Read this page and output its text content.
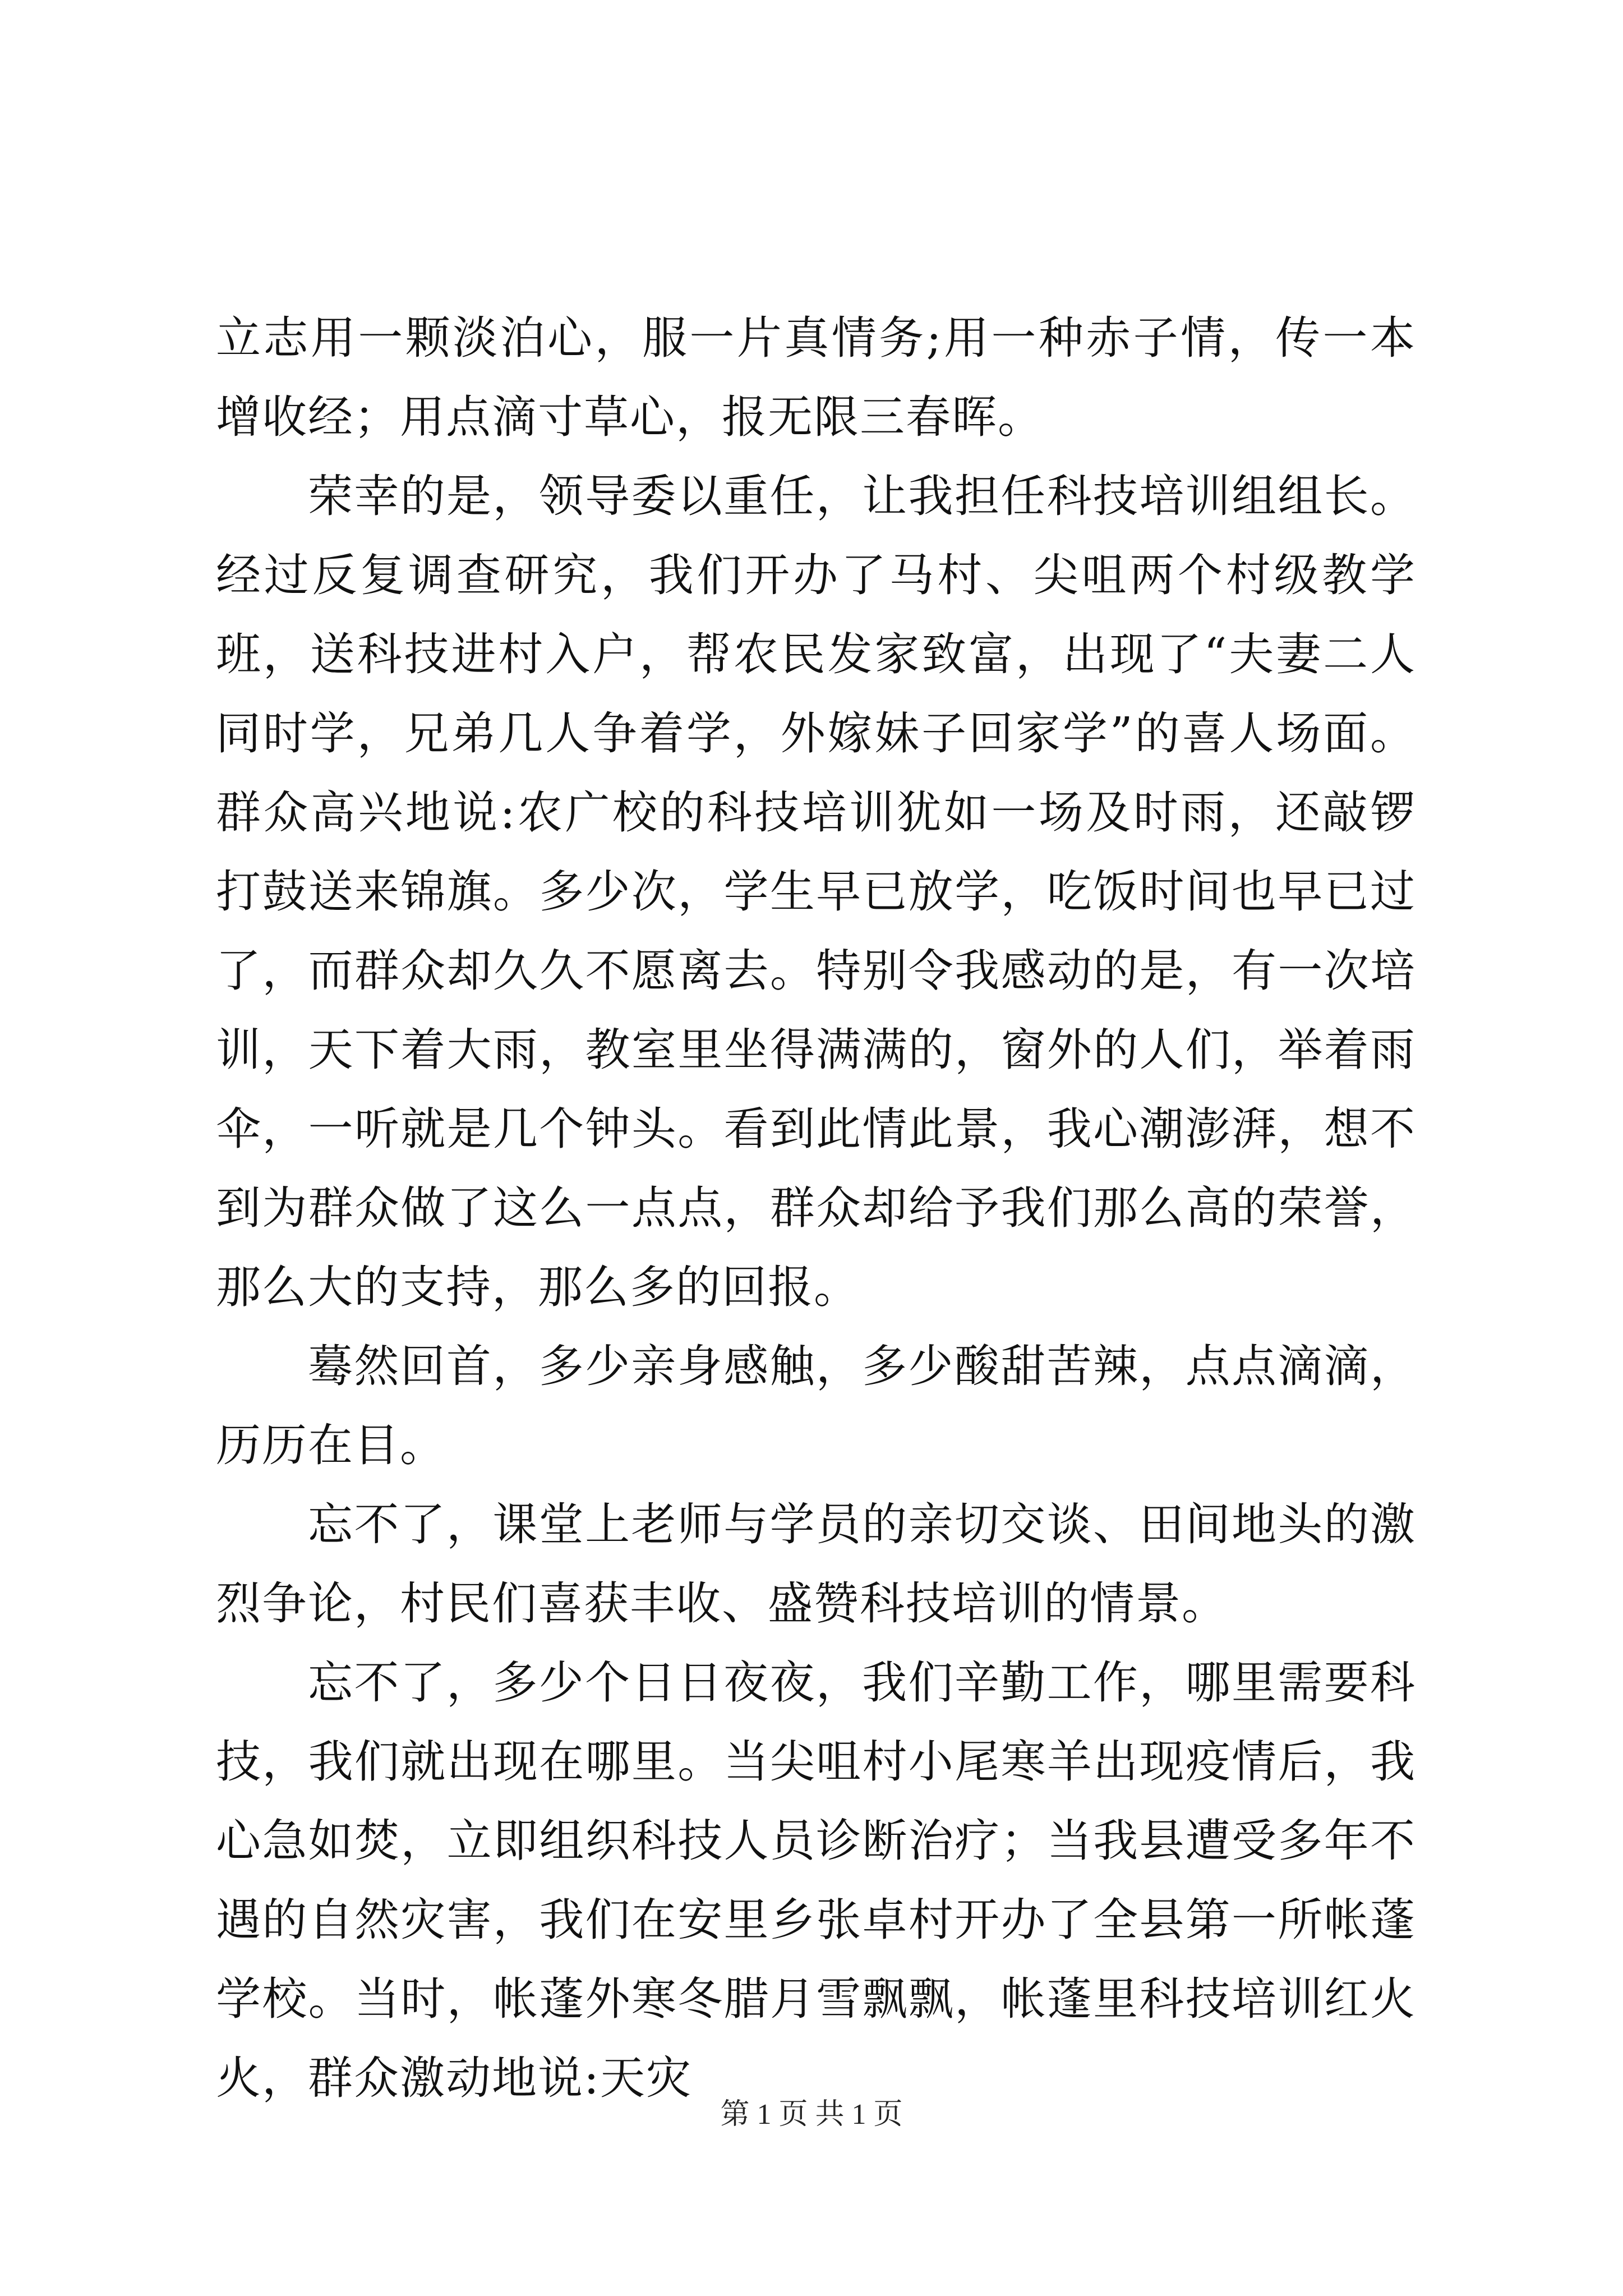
立志用一颗淡泊心，服一片真情务;用一种赤子情，传一本增收经；用点滴寸草心，报无限三春晖。

荣幸的是，领导委以重任，让我担任科技培训组组长。经过反复调查研究，我们开办了马村、尖咀两个村级教学班，送科技进村入户，帮农民发家致富，出现了“夫妻二人同时学，兄弟几人争着学，外嫁妹子回家学”的喜人场面。群众高兴地说:农广校的科技培训犹如一场及时雨，还敲锣打鼓送来锦旗。多少次，学生早已放学，吃饭时间也早已过了，而群众却久久不愿离去。特别令我感动的是，有一次培训，天下着大雨，教室里坐得满满的，窗外的人们，举着雨伞，一听就是几个钟头。看到此情此景，我心潮澎湃，想不到为群众做了这么一点点，群众却给予我们那么高的荣誉，那么大的支持，那么多的回报。

蓦然回首，多少亲身感触，多少酸甜苦辣，点点滴滴，历历在目。

忘不了，课堂上老师与学员的亲切交谈、田间地头的激烈争论，村民们喜获丰收、盛赞科技培训的情景。

忘不了，多少个日日夜夜，我们辛勤工作，哪里需要科技，我们就出现在哪里。当尖咀村小尾寒羊出现疫情后，我心急如焚，立即组织科技人员诊断治疗；当我县遭受多年不遇的自然灾害，我们在安里乡张卓村开办了全县第一所帐蓬学校。当时，帐蓬外寒冬腊月雪飘飘，帐蓬里科技培训红火火，群众激动地说:天灾

第 1 页 共 1 页
